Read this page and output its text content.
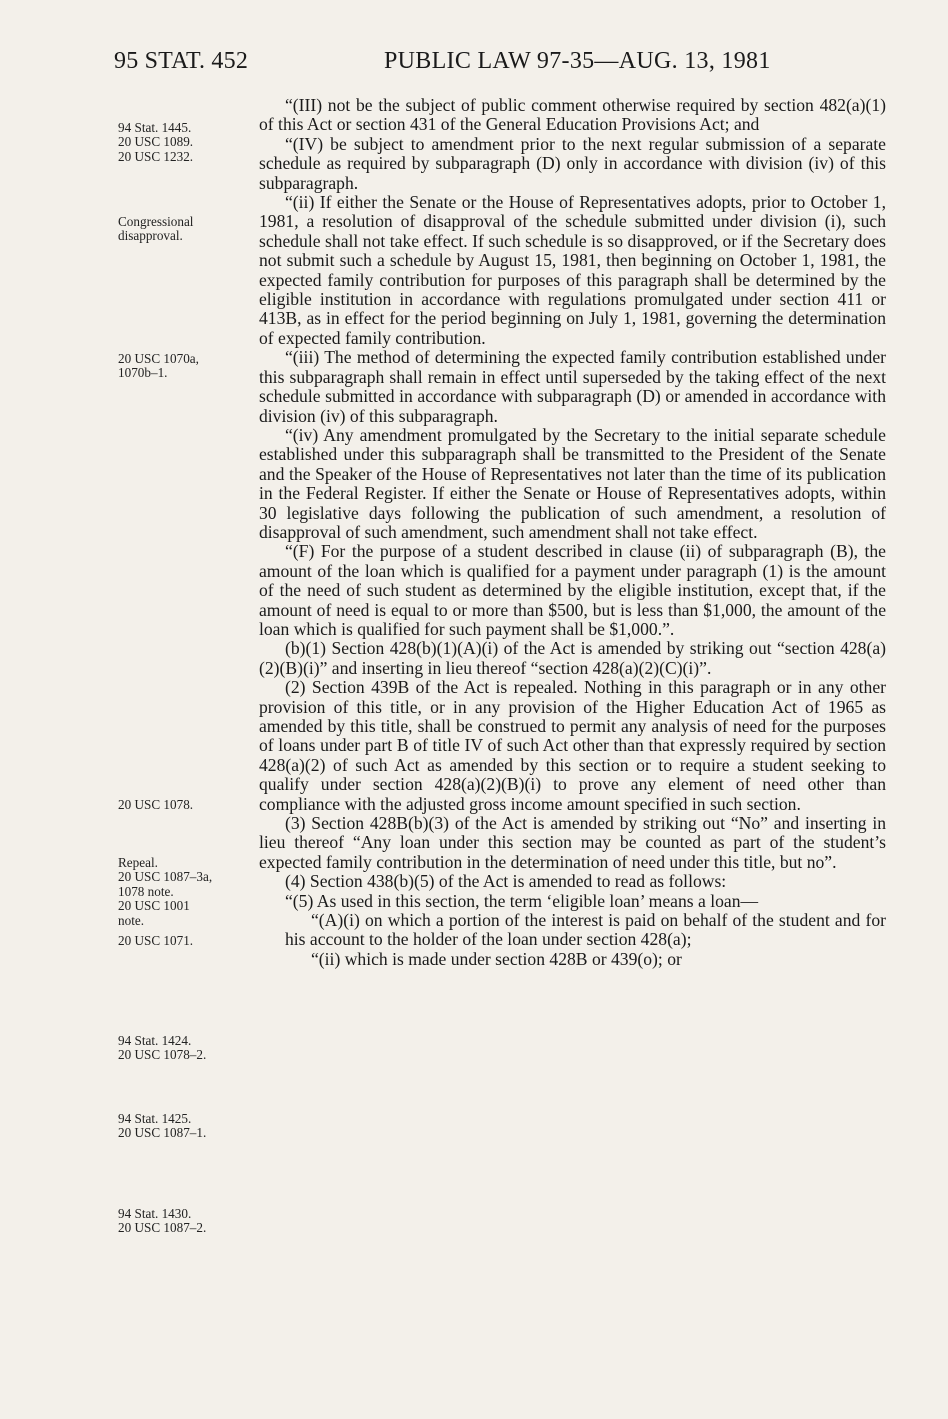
95 STAT. 452	PUBLIC LAW 97-35—AUG. 13, 1981
94 Stat. 1445.
20 USC 1089.
20 USC 1232.
Congressional
disapproval.
20 USC 1070a,
1070b–1.
20 USC 1078.
Repeal.
20 USC 1087–3a,
1078 note.
20 USC 1001
note.
20 USC 1071.
94 Stat. 1424.
20 USC 1078–2.
94 Stat. 1425.
20 USC 1087–1.
94 Stat. 1430.
20 USC 1087–2.

“(III) not be the subject of public comment otherwise required by section 482(a)(1) of this Act or section 431 of the General Education Provisions Act; and

“(IV) be subject to amendment prior to the next regular submission of a separate schedule as required by subparagraph (D) only in accordance with division (iv) of this subparagraph.

“(ii) If either the Senate or the House of Representatives adopts, prior to October 1, 1981, a resolution of disapproval of the schedule submitted under division (i), such schedule shall not take effect. If such schedule is so disapproved, or if the Secretary does not submit such a schedule by August 15, 1981, then beginning on October 1, 1981, the expected family contribution for purposes of this paragraph shall be determined by the eligible institution in accordance with regulations promulgated under section 411 or 413B, as in effect for the period beginning on July 1, 1981, governing the determination of expected family contribution.

“(iii) The method of determining the expected family contribution established under this subparagraph shall remain in effect until superseded by the taking effect of the next schedule submitted in accordance with subparagraph (D) or amended in accordance with division (iv) of this subparagraph.

“(iv) Any amendment promulgated by the Secretary to the initial separate schedule established under this subparagraph shall be transmitted to the President of the Senate and the Speaker of the House of Representatives not later than the time of its publication in the Federal Register. If either the Senate or House of Representatives adopts, within 30 legislative days following the publication of such amendment, a resolution of disapproval of such amendment, such amendment shall not take effect.

“(F) For the purpose of a student described in clause (ii) of subparagraph (B), the amount of the loan which is qualified for a payment under paragraph (1) is the amount of the need of such student as determined by the eligible institution, except that, if the amount of need is equal to or more than $500, but is less than $1,000, the amount of the loan which is qualified for such payment shall be $1,000.”.

(b)(1) Section 428(b)(1)(A)(i) of the Act is amended by striking out “section 428(a)(2)(B)(i)” and inserting in lieu thereof “section 428(a)(2)(C)(i)”.

(2) Section 439B of the Act is repealed. Nothing in this paragraph or in any other provision of this title, or in any provision of the Higher Education Act of 1965 as amended by this title, shall be construed to permit any analysis of need for the purposes of loans under part B of title IV of such Act other than that expressly required by section 428(a)(2) of such Act as amended by this section or to require a student seeking to qualify under section 428(a)(2)(B)(i) to prove any element of need other than compliance with the adjusted gross income amount specified in such section.

(3) Section 428B(b)(3) of the Act is amended by striking out “No” and inserting in lieu thereof “Any loan under this section may be counted as part of the student’s expected family contribution in the determination of need under this title, but no”.

(4) Section 438(b)(5) of the Act is amended to read as follows:

“(5) As used in this section, the term ‘eligible loan’ means a loan—

“(A)(i) on which a portion of the interest is paid on behalf of the student and for his account to the holder of the loan under section 428(a);

“(ii) which is made under section 428B or 439(o); or
